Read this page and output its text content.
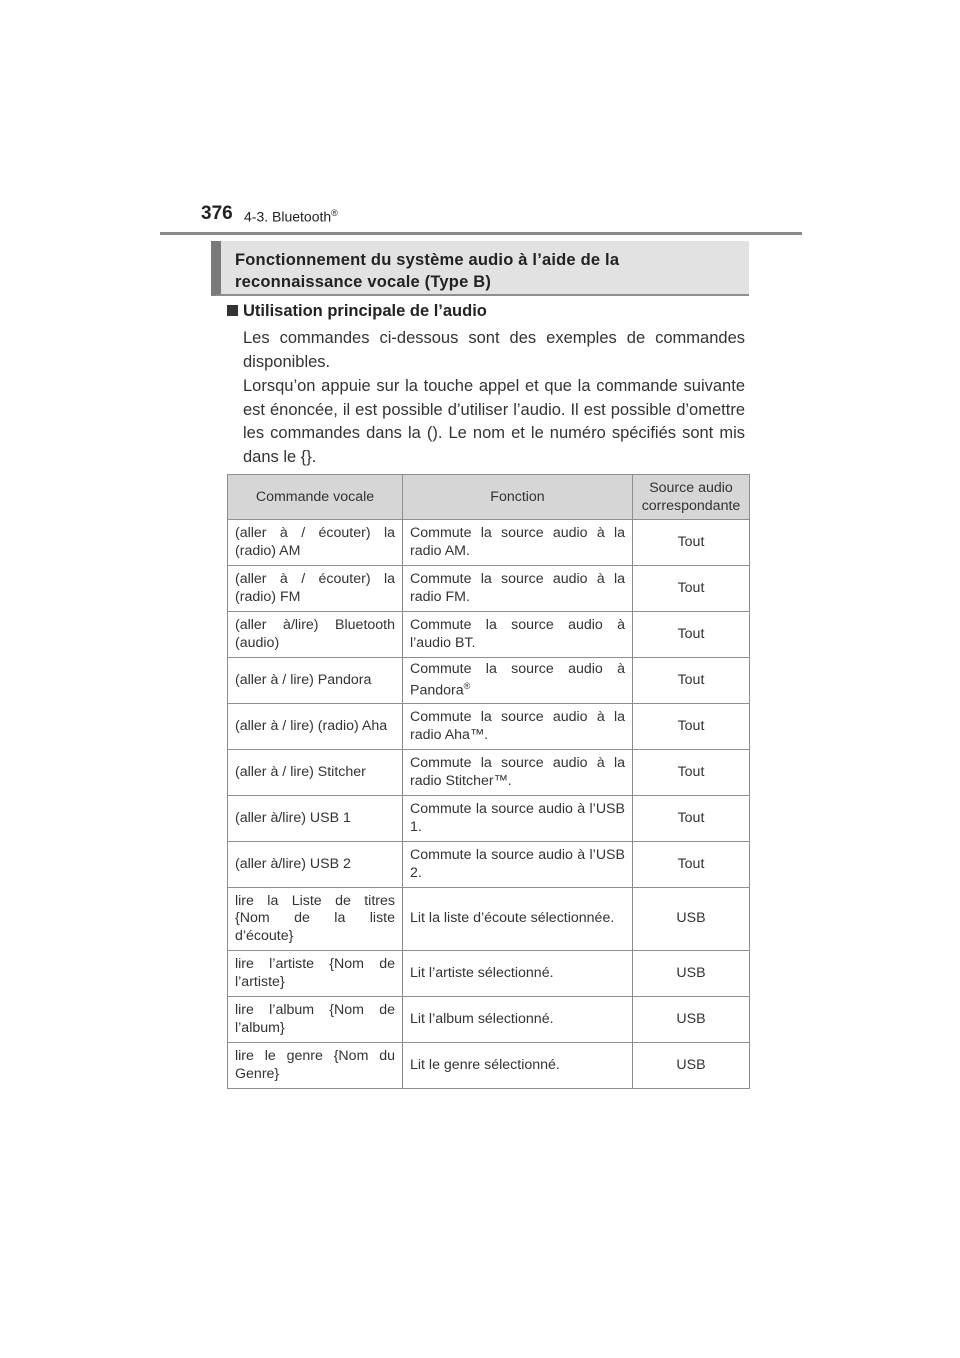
376 4-3. Bluetooth®
Fonctionnement du système audio à l’aide de la reconnaissance vocale (Type B)
Utilisation principale de l’audio
Les commandes ci-dessous sont des exemples de commandes disponibles.
Lorsqu’on appuie sur la touche appel et que la commande suivante est énoncée, il est possible d’utiliser l’audio. Il est possible d’omettre les commandes dans la (). Le nom et le numéro spécifiés sont mis dans le {}.
Commande vocale	Fonction	Source audio correspondante
(aller à / écouter) la (radio) AM	Commute la source audio à la radio AM.	Tout
(aller à / écouter) la (radio) FM	Commute la source audio à la radio FM.	Tout
(aller à/lire) Bluetooth (audio)	Commute la source audio à l’audio BT.	Tout
(aller à / lire) Pandora	Commute la source audio à Pandora®	Tout
(aller à / lire) (radio) Aha	Commute la source audio à la radio Aha™.	Tout
(aller à / lire) Stitcher	Commute la source audio à la radio Stitcher™.	Tout
(aller à/lire) USB 1	Commute la source audio à l’USB 1.	Tout
(aller à/lire) USB 2	Commute la source audio à l’USB 2.	Tout
lire la Liste de titres {Nom de la liste d’écoute}	Lit la liste d’écoute sélectionnée.	USB
lire l’artiste {Nom de l’artiste}	Lit l’artiste sélectionné.	USB
lire l’album {Nom de l’album}	Lit l’album sélectionné.	USB
lire le genre {Nom du Genre}	Lit le genre sélectionné.	USB
